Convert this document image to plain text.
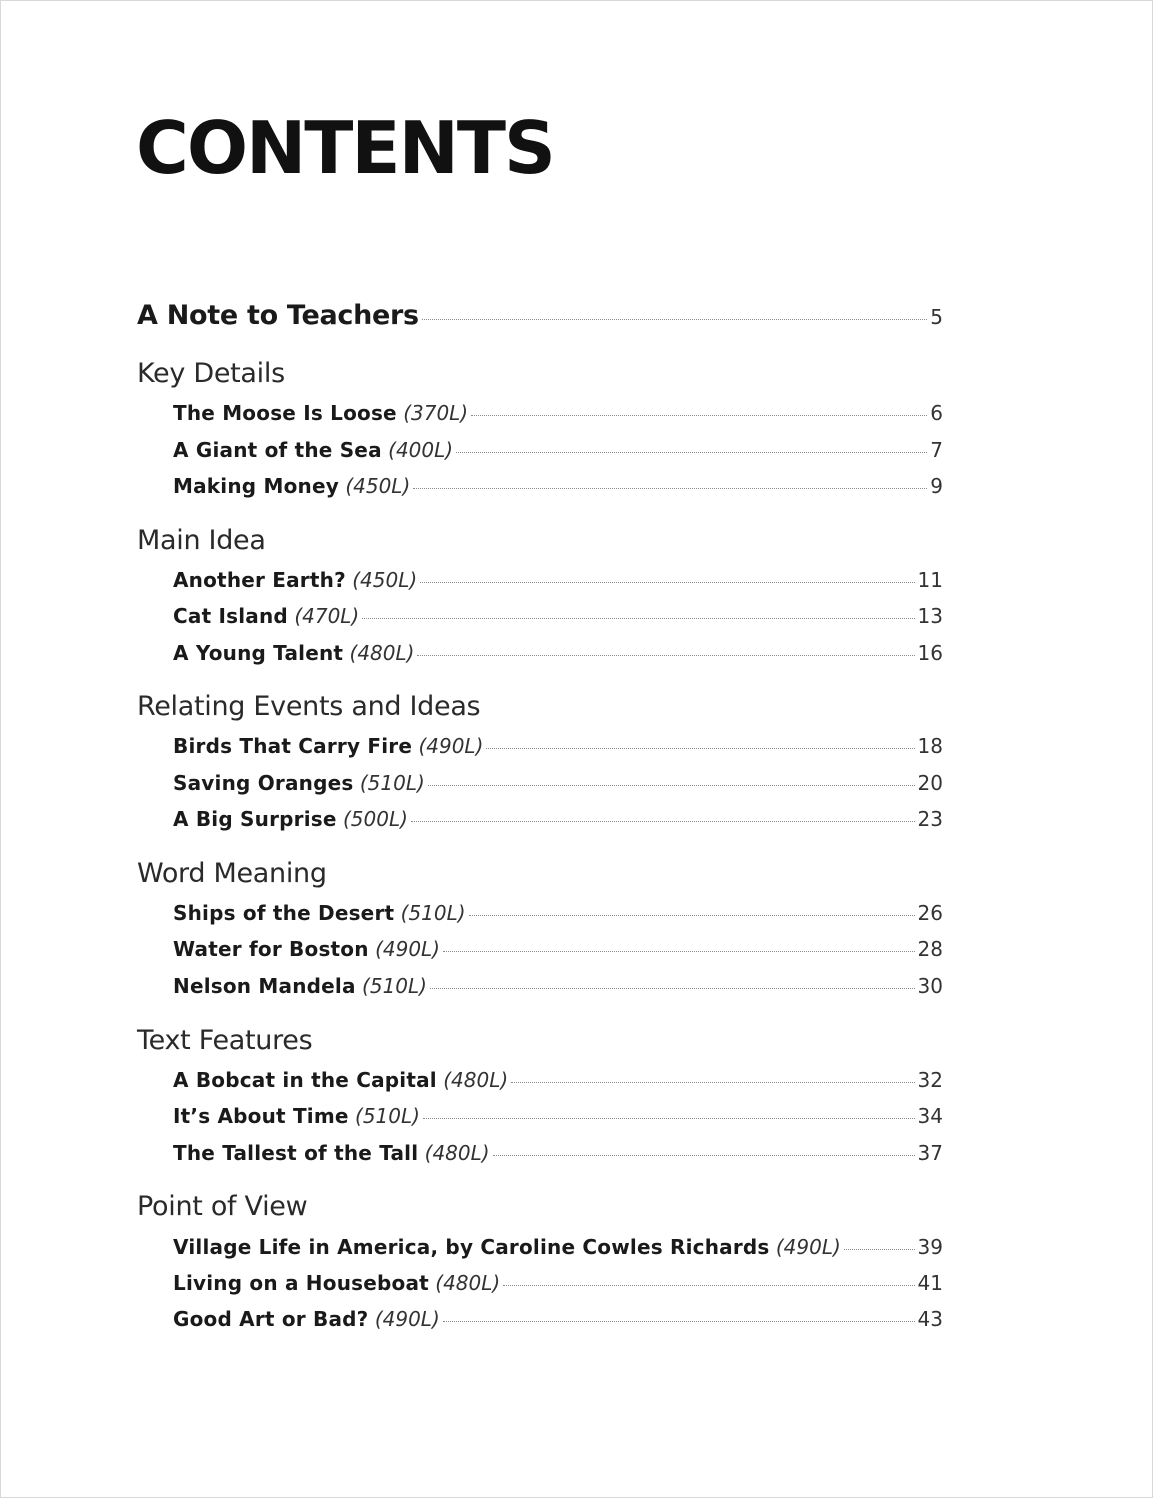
CONTENTS
A Note to Teachers	5
Key Details
The Moose Is Loose (370L)	6
A Giant of the Sea (400L)	7
Making Money (450L)	9
Main Idea
Another Earth? (450L)	11
Cat Island (470L)	13
A Young Talent (480L)	16
Relating Events and Ideas
Birds That Carry Fire (490L)	18
Saving Oranges (510L)	20
A Big Surprise (500L)	23
Word Meaning
Ships of the Desert (510L)	26
Water for Boston (490L)	28
Nelson Mandela (510L)	30
Text Features
A Bobcat in the Capital (480L)	32
It’s About Time (510L)	34
The Tallest of the Tall (480L)	37
Point of View
Village Life in America, by Caroline Cowles Richards (490L)	39
Living on a Houseboat (480L)	41
Good Art or Bad? (490L)	43
